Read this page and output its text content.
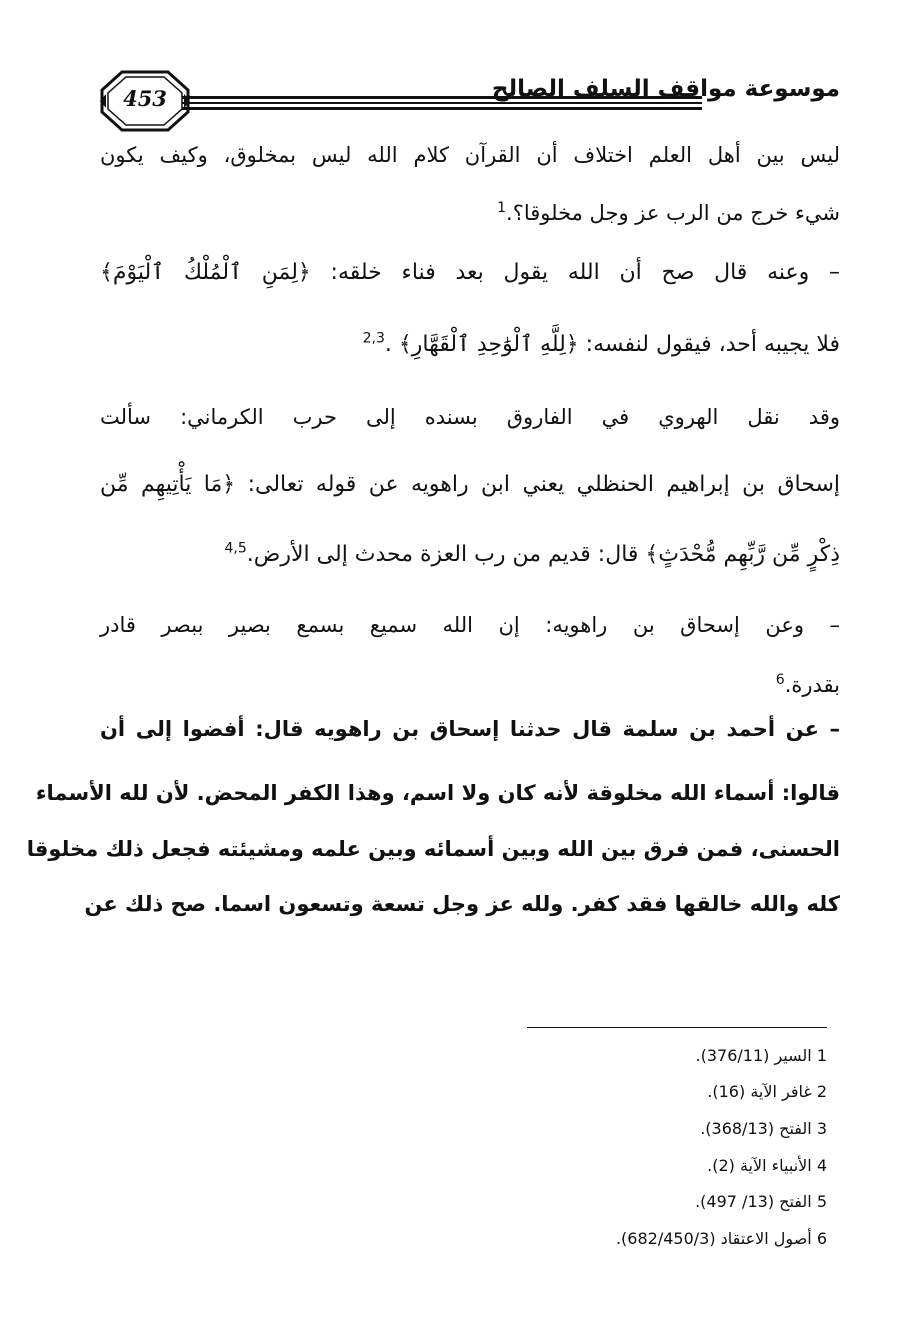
453	موسوعة مواقف السلف الصالح
ليس بين أهل العلم اختلاف أن القرآن كلام الله ليس بمخلوق، وكيف يكون
شيء خرج من الرب عز وجل مخلوقا؟.$^1$
– وعنه قال صح أن الله يقول بعد فناء خلقه: ﴿لِمَنِ ٱلْمُلْكُ ٱلْيَوْمَ﴾
فلا يجيبه أحد، فيقول لنفسه: ﴿لِلَّهِ ٱلْوَٰحِدِ ٱلْقَهَّارِ﴾ .$^{2,3}$
وقد نقل الهروي في الفاروق بسنده إلى حرب الكرماني: سألت
إسحاق بن إبراهيم الحنظلي يعني ابن راهويه عن قوله تعالى: ﴿مَا يَأْتِيهِم مِّن
ذِكْرٍ مِّن رَّبِّهِم مُّحْدَثٍ﴾ قال: قديم من رب العزة محدث إلى الأرض.$^{4,5}$
– وعن إسحاق بن راهويه: إن الله سميع بسمع بصير ببصر قادر
بقدرة.$^6$
– عن أحمد بن سلمة قال حدثنا إسحاق بن راهويه قال: أفضوا إلى أن
قالوا: أسماء الله مخلوقة لأنه كان ولا اسم، وهذا الكفر المحض. لأن لله الأسماء
الحسنى، فمن فرق بين الله وبين أسمائه وبين علمه ومشيئته فجعل ذلك مخلوقا
كله والله خالقها فقد كفر. ولله عز وجل تسعة وتسعون اسما. صح ذلك عن
1 السير (376/11).
2 غافر الآية (16).
3 الفتح (368/13).
4 الأنبياء الآية (2).
5 الفتح (13/ 497).
6 أصول الاعتقاد (682/450/3).
